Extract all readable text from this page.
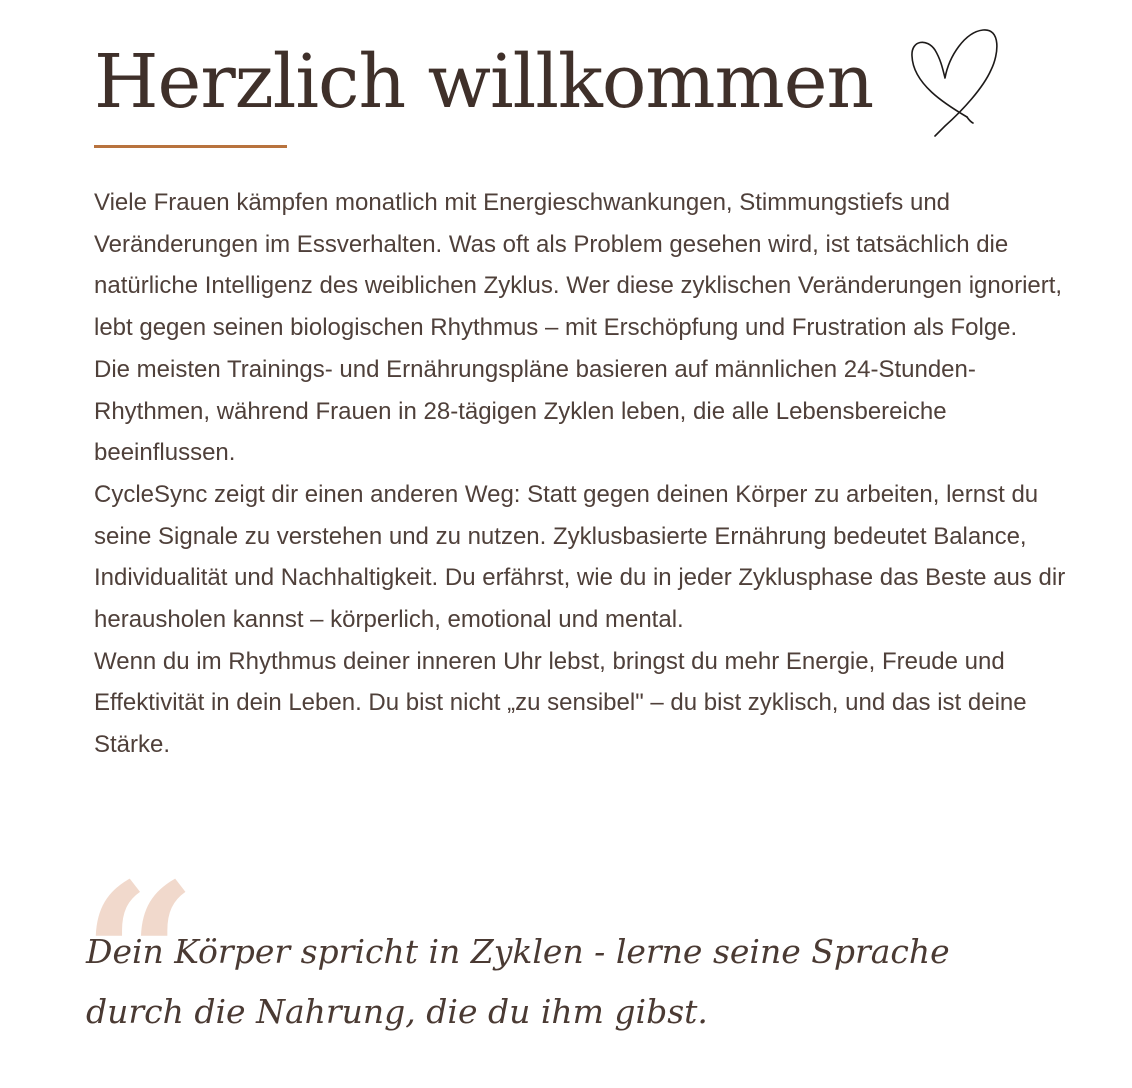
Herzlich willkommen

Viele Frauen kämpfen monatlich mit Energieschwankungen, Stimmungstiefs und Veränderungen im Essverhalten. Was oft als Problem gesehen wird, ist tatsächlich die natürliche Intelligenz des weiblichen Zyklus. Wer diese zyklischen Veränderungen ignoriert, lebt gegen seinen biologischen Rhythmus – mit Erschöpfung und Frustration als Folge.

Die meisten Trainings- und Ernährungspläne basieren auf männlichen 24-Stunden-Rhythmen, während Frauen in 28-tägigen Zyklen leben, die alle Lebensbereiche beeinflussen.

CycleSync zeigt dir einen anderen Weg: Statt gegen deinen Körper zu arbeiten, lernst du seine Signale zu verstehen und zu nutzen. Zyklusbasierte Ernährung bedeutet Balance, Individualität und Nachhaltigkeit. Du erfährst, wie du in jeder Zyklusphase das Beste aus dir herausholen kannst – körperlich, emotional und mental.

Wenn du im Rhythmus deiner inneren Uhr lebst, bringst du mehr Energie, Freude und Effektivität in dein Leben. Du bist nicht „zu sensibel" – du bist zyklisch, und das ist deine Stärke.

“

Dein Körper spricht in Zyklen - lerne seine Sprache durch die Nahrung, die du ihm gibst.
